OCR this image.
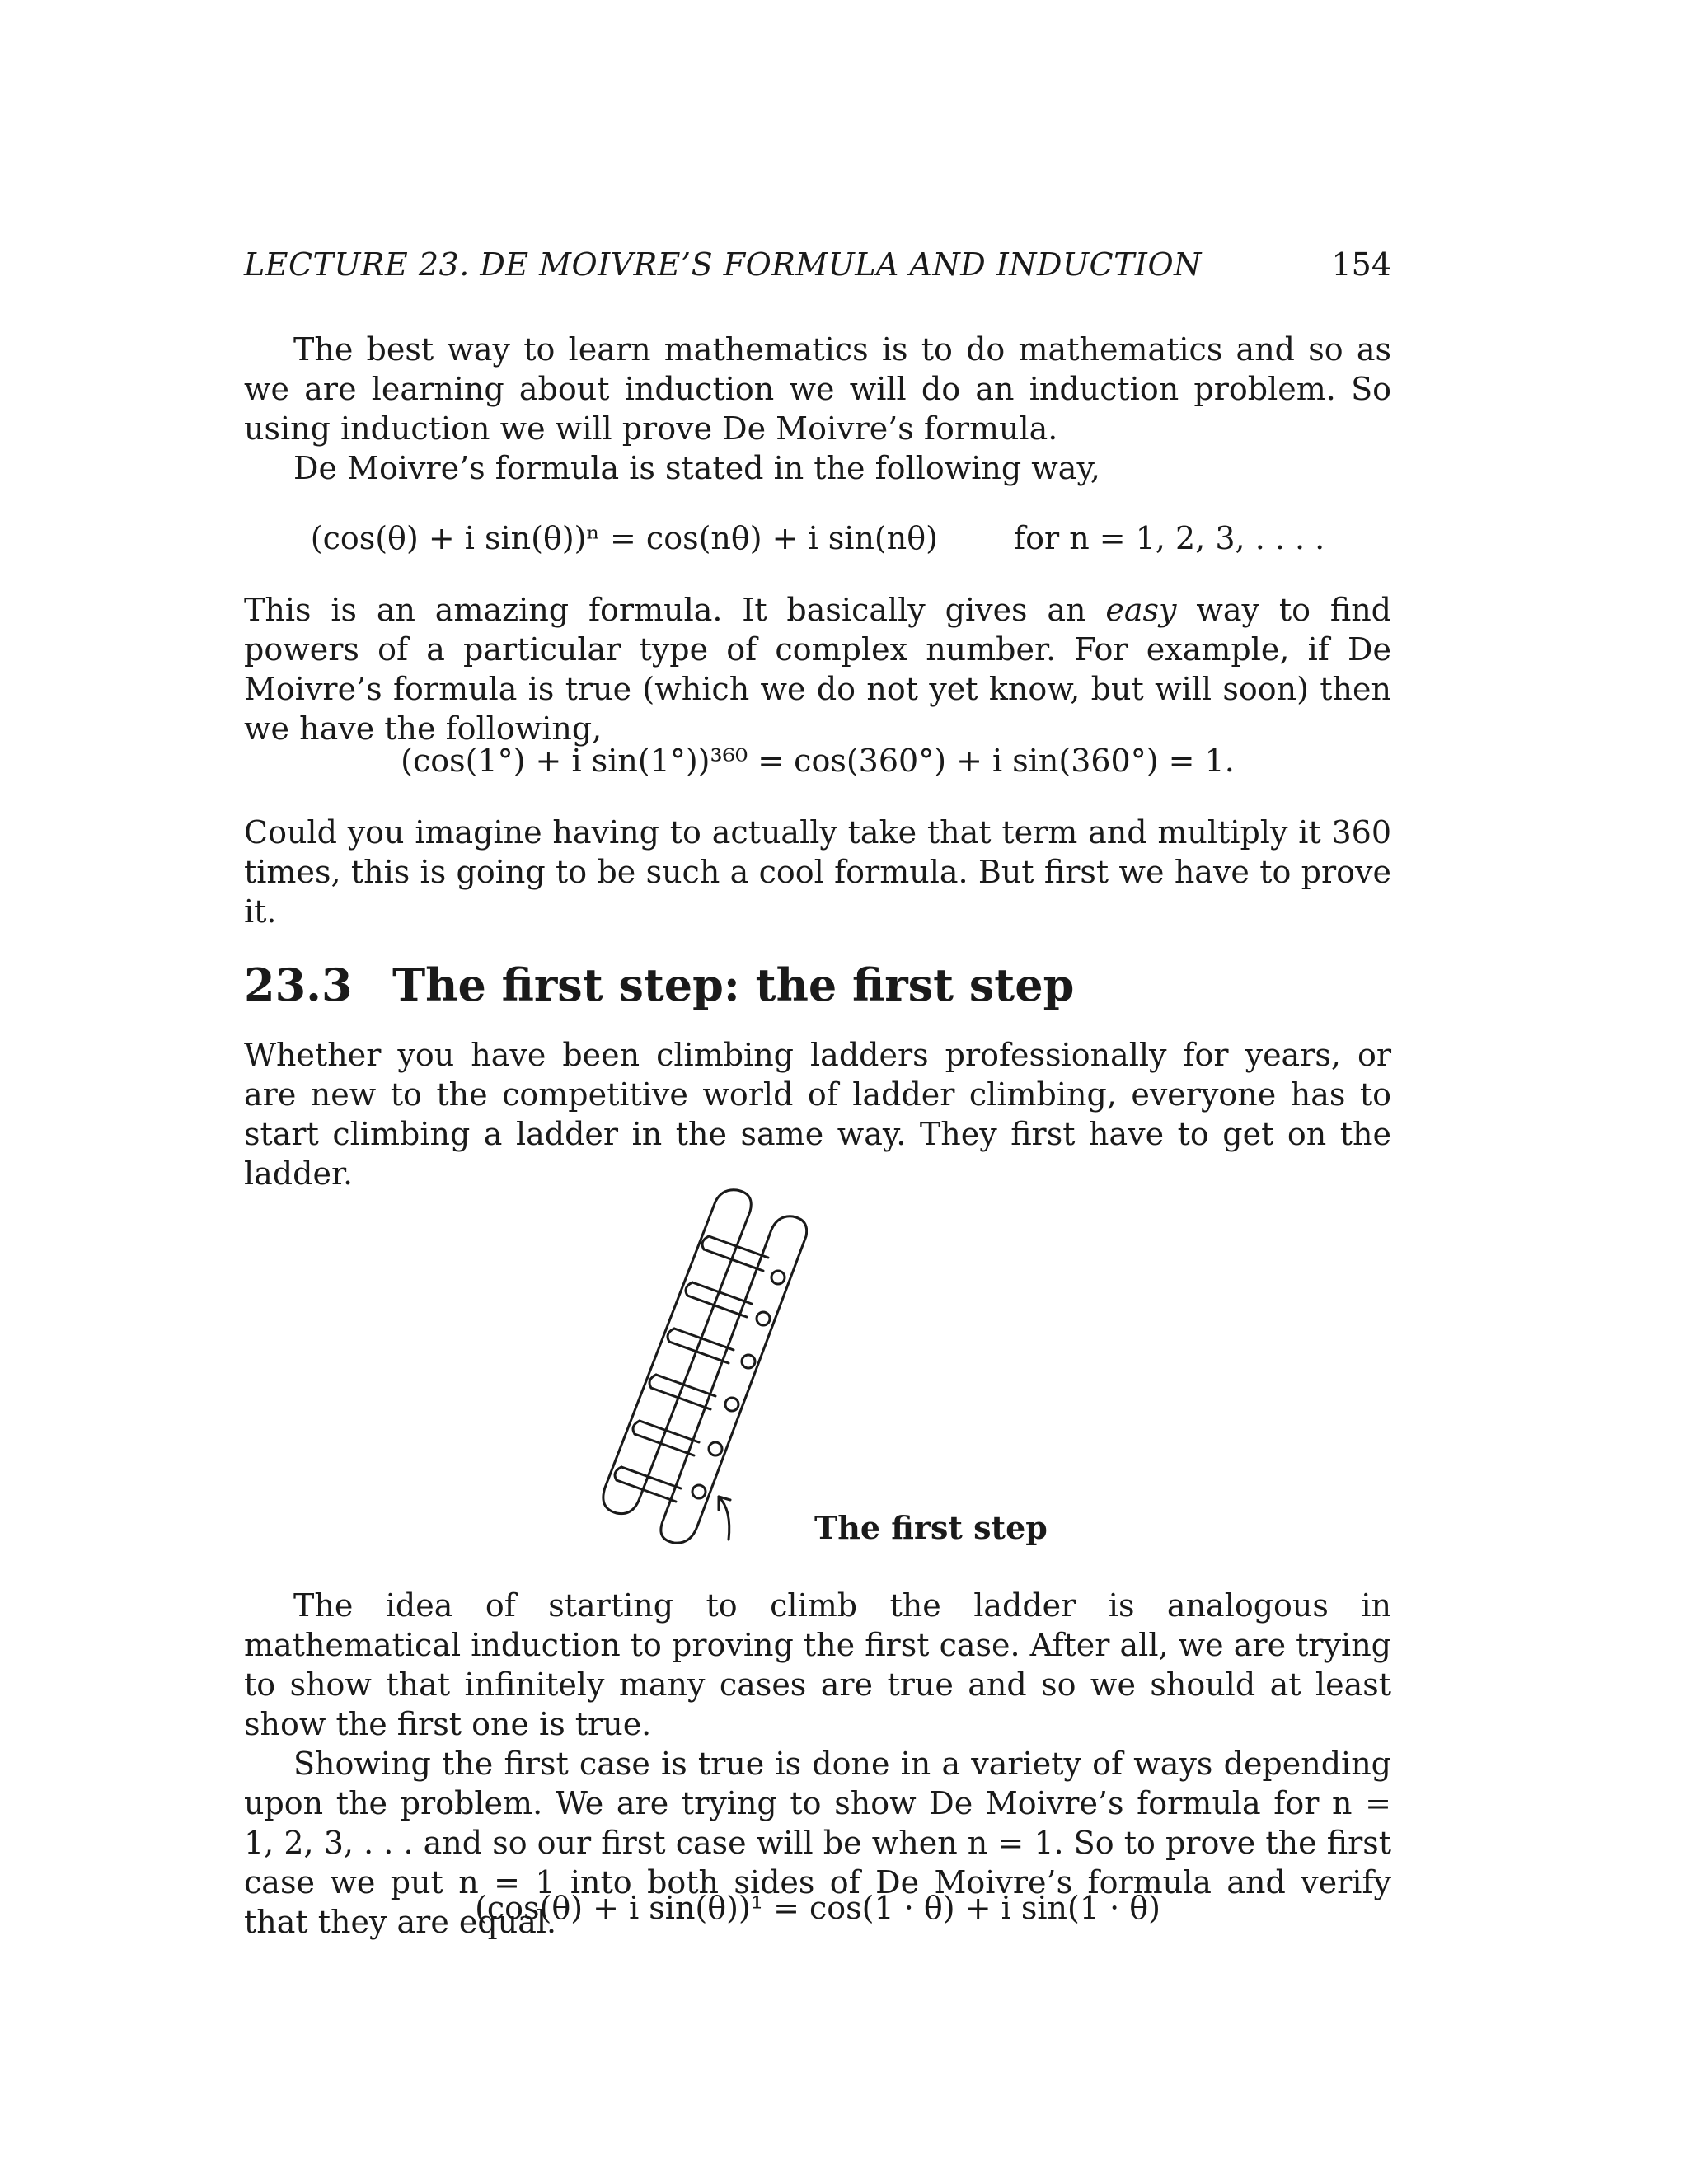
LECTURE 23. DE MOIVRE’S FORMULA AND INDUCTION	154

The best way to learn mathematics is to do mathematics and so as we are learning about induction we will do an induction problem. So using induction we will prove De Moivre’s formula.

De Moivre’s formula is stated in the following way,

(cos(θ) + i sin(θ))ⁿ = cos(nθ) + i sin(nθ) for n = 1, 2, 3, . . . .

This is an amazing formula. It basically gives an easy way to find powers of a particular type of complex number. For example, if De Moivre’s formula is true (which we do not yet know, but will soon) then we have the following,

(cos(1°) + i sin(1°))³⁶⁰ = cos(360°) + i sin(360°) = 1.

Could you imagine having to actually take that term and multiply it 360 times, this is going to be such a cool formula. But first we have to prove it.

23.3 The first step: the first step

Whether you have been climbing ladders professionally for years, or are new to the competitive world of ladder climbing, everyone has to start climbing a ladder in the same way. They first have to get on the ladder.

The first step

The idea of starting to climb the ladder is analogous in mathematical induction to proving the first case. After all, we are trying to show that infinitely many cases are true and so we should at least show the first one is true.

Showing the first case is true is done in a variety of ways depending upon the problem. We are trying to show De Moivre’s formula for n = 1, 2, 3, . . . and so our first case will be when n = 1. So to prove the first case we put n = 1 into both sides of De Moivre’s formula and verify that they are equal.

(cos(θ) + i sin(θ))¹ = cos(1 · θ) + i sin(1 · θ)
